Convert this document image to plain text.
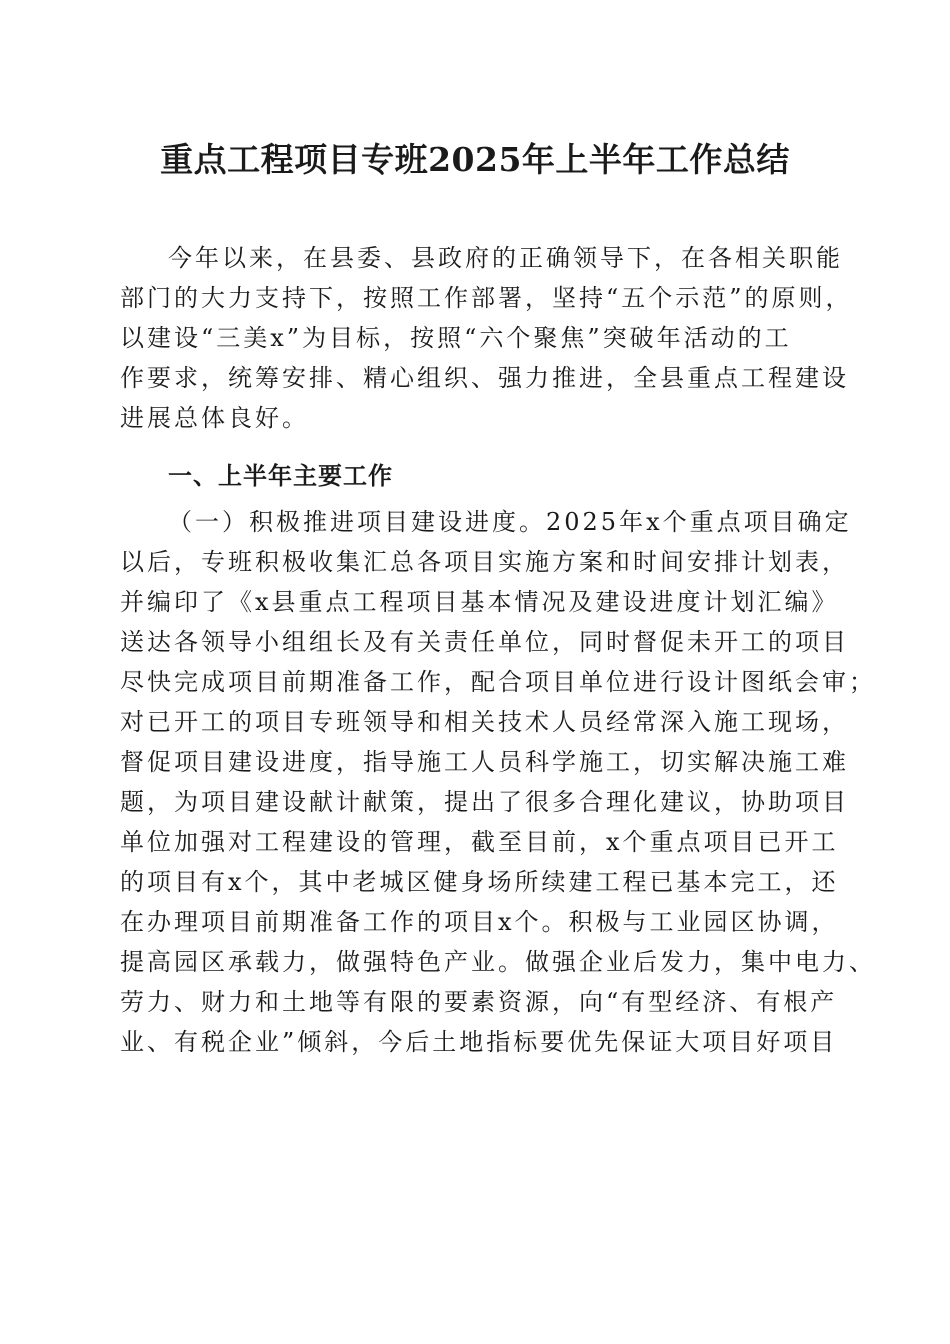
重点工程项目专班2025年上半年工作总结
今年以来，在县委、县政府的正确领导下，在各相关职能
部门的大力支持下，按照工作部署，坚持“五个示范”的原则，
以建设“三美x”为目标，按照“六个聚焦”突破年活动的工
作要求，统筹安排、精心组织、强力推进，全县重点工程建设
进展总体良好。
一、上半年主要工作
（一）积极推进项目建设进度。2025年x个重点项目确定
以后，专班积极收集汇总各项目实施方案和时间安排计划表，
并编印了《x县重点工程项目基本情况及建设进度计划汇编》
送达各领导小组组长及有关责任单位，同时督促未开工的项目
尽快完成项目前期准备工作，配合项目单位进行设计图纸会审；
对已开工的项目专班领导和相关技术人员经常深入施工现场，
督促项目建设进度，指导施工人员科学施工，切实解决施工难
题，为项目建设献计献策，提出了很多合理化建议，协助项目
单位加强对工程建设的管理，截至目前，x个重点项目已开工
的项目有x个，其中老城区健身场所续建工程已基本完工，还
在办理项目前期准备工作的项目x个。积极与工业园区协调，
提高园区承载力，做强特色产业。做强企业后发力，集中电力、
劳力、财力和土地等有限的要素资源，向“有型经济、有根产
业、有税企业”倾斜，今后土地指标要优先保证大项目好项目
